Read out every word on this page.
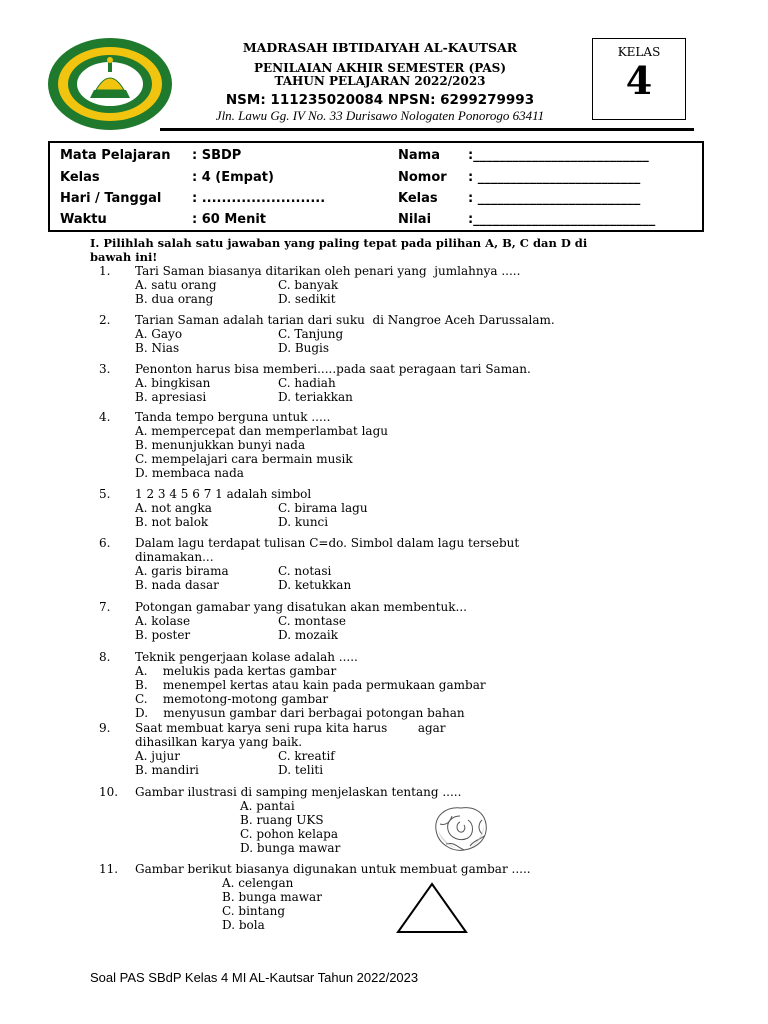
MADRASAH IBTIDAIYAH AL-KAUTSAR
PENILAIAN AKHIR SEMESTER (PAS)
TAHUN PELAJARAN 2022/2023
NSM: 111235020084 NPSN: 6299279993
Jln. Lawu Gg. IV No. 33 Durisawo Nologaten Ponorogo 63411
KELAS
4
Mata Pelajaran : SBDP
Kelas	: 4 (Empat)
Hari / Tanggal : .........................
Waktu	: 60 Menit
Nama :___________________________
Nomor : _________________________
Kelas : _________________________
Nilai	:____________________________
I. Pilihlah salah satu jawaban yang paling tepat pada pilihan A, B, C dan D di
bawah ini!
1. Tari Saman biasanya ditarikan oleh penari yang  jumlahnya .....
A. satu orang	C. banyak
B. dua orang	D. sedikit
2. Tarian Saman adalah tarian dari suku  di Nangroe Aceh Darussalam.
A. Gayo	C. Tanjung
B. Nias	D. Bugis
3. Penonton harus bisa memberi.....pada saat peragaan tari Saman.
A. bingkisan	C. hadiah
B. apresiasi	D. teriakkan
4. Tanda tempo berguna untuk .....
A. mempercepat dan memperlambat lagu
B. menunjukkan bunyi nada
C. mempelajari cara bermain musik
D. membaca nada
5. 1 2 3 4 5 6 7 1 adalah simbol
A. not angka	C. birama lagu
B. not balok	D. kunci
6. Dalam lagu terdapat tulisan C=do. Simbol dalam lagu tersebut
dinamakan...
A. garis birama	C. notasi
B. nada dasar	D. ketukkan
7. Potongan gamabar yang disatukan akan membentuk...
A. kolase	C. montase
B. poster	D. mozaik
8. Teknik pengerjaan kolase adalah .....
A.    melukis pada kertas gambar
B.    menempel kertas atau kain pada permukaan gambar
C.    memotong-motong gambar
D.    menyusun gambar dari berbagai potongan bahan
9. Saat membuat karya seni rupa kita harus        agar
dihasilkan karya yang baik.
A. jujur	C. kreatif
B. mandiri	D. teliti
10. Gambar ilustrasi di samping menjelaskan tentang .....
A. pantai
B. ruang UKS
C. pohon kelapa
D. bunga mawar
11. Gambar berikut biasanya digunakan untuk membuat gambar .....
A. celengan
B. bunga mawar
C. bintang
D. bola
Soal PAS SBdP Kelas 4 MI AL-Kautsar Tahun 2022/2023
